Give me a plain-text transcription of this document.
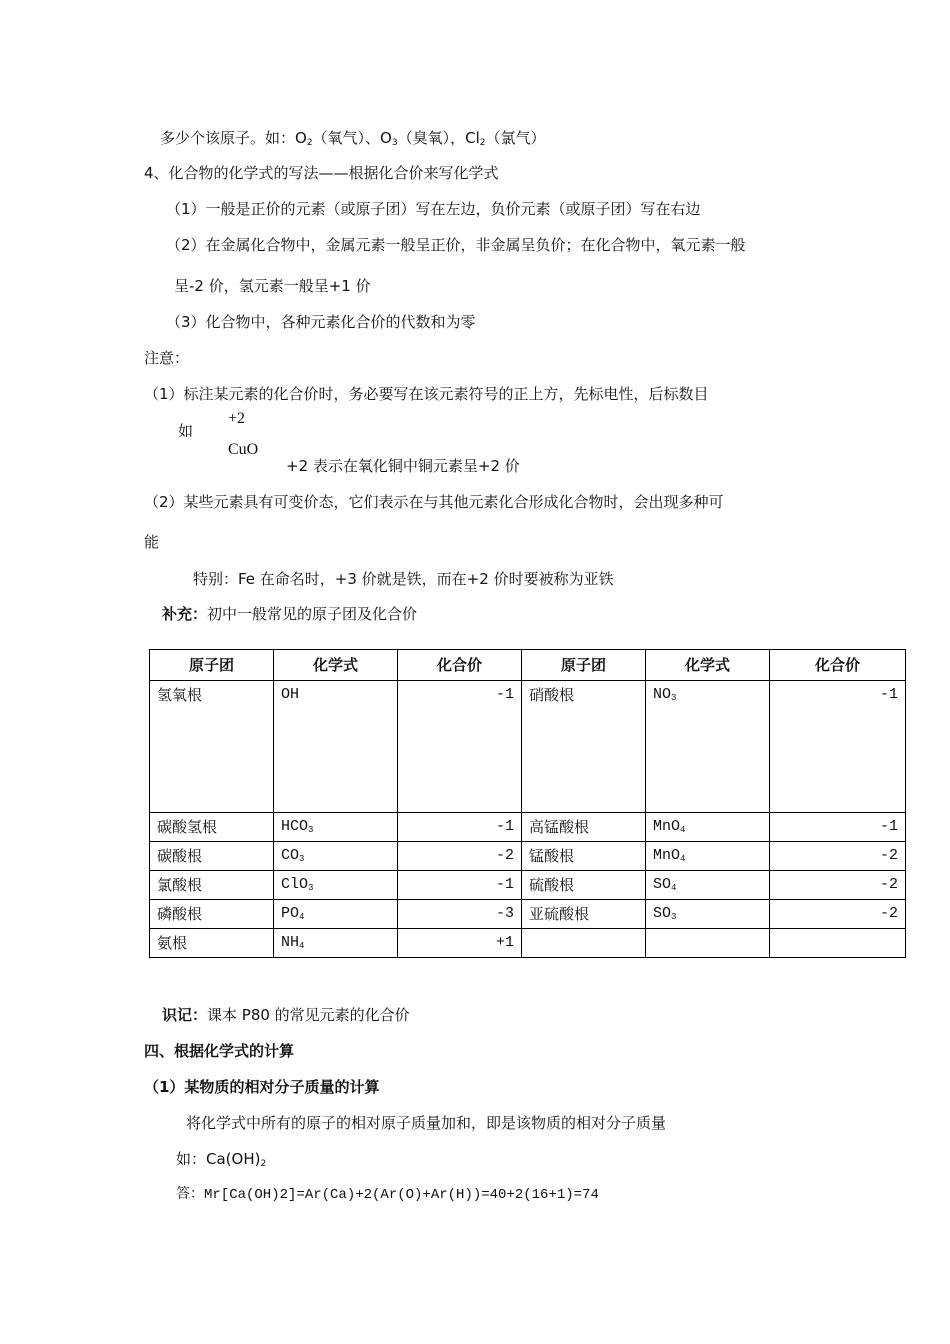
多少个该原子。如：$O_2$（氧气）、$O_3$（臭氧），$Cl_2$（氯气）
4、化合物的化学式的写法——根据化合价来写化学式
（1）一般是正价的元素（或原子团）写在左边，负价元素（或原子团）写在右边
（2）在金属化合物中，金属元素一般呈正价，非金属呈负价；在化合物中，氧元素一般
呈-2 价，氢元素一般呈+1 价
（3）化合物中，各种元素化合价的代数和为零
注意：
（1）标注某元素的化合价时，务必要写在该元素符号的正上方，先标电性，后标数目
如
+2
CuO
+2 表示在氧化铜中铜元素呈+2 价
（2）某些元素具有可变价态，它们表示在与其他元素化合形成化合物时，会出现多种可
能
特别：Fe 在命名时，+3 价就是铁，而在+2 价时要被称为亚铁
补充：初中一般常见的原子团及化合价
原子团	化学式	化合价	原子团	化学式	化合价
氢氧根	OH	-1	硝酸根	$NO_3$	-1
碳酸氢根	$HCO_3$	-1	高锰酸根	MnO$_4$	-1
碳酸根	$CO_3$	-2	锰酸根	MnO$_4$	-2
氯酸根	ClO$_3$	-1	硫酸根	$SO_4$	-2
磷酸根	$PO_4$	-3	亚硫酸根	$SO_3$	-2
氨根	$NH_4$	+1			
识记：课本 P80 的常见元素的化合价
四、根据化学式的计算
（1）某物质的相对分子质量的计算
将化学式中所有的原子的相对原子质量加和，即是该物质的相对分子质量
如：$Ca(OH)_2$
答：Mr[Ca(OH)2]=Ar(Ca)+2(Ar(O)+Ar(H))=40+2(16+1)=74
